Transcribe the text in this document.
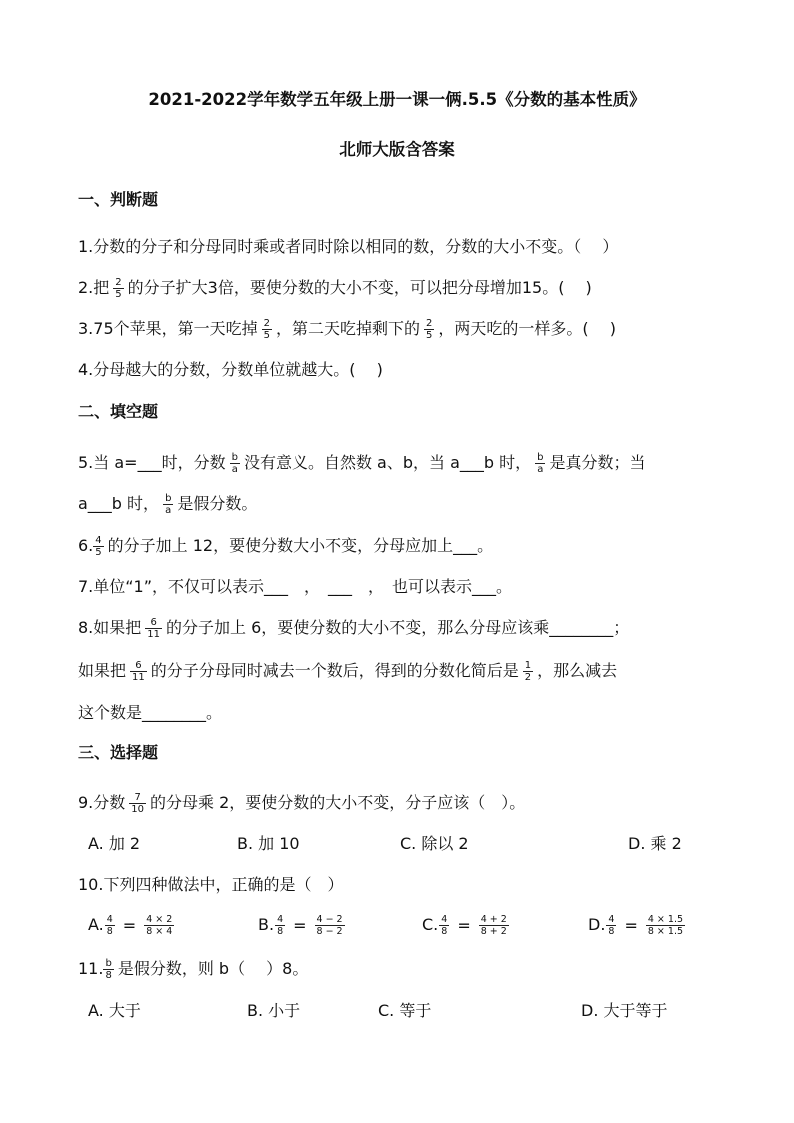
2021-2022学年数学五年级上册一课一俩.5.5《分数的基本性质》
北师大版含答案
一、判断题
1.分数的分子和分母同时乘或者同时除以相同的数，分数的大小不变。（　 ）
2.把 $\frac{2}{5}$ 的分子扩大3倍，要使分数的大小不变，可以把分母增加15。(　 )
3.75个苹果，第一天吃掉 $\frac{2}{5}$ ，第二天吃掉剩下的 $\frac{2}{5}$ ，两天吃的一样多。(　 )
4.分母越大的分数，分数单位就越大。(　 )
二、填空题
5.当 a=___时，分数 $\frac{b}{a}$ 没有意义。自然数 a、b，当 a___b 时， $\frac{b}{a}$ 是真分数；当
a___b 时， $\frac{b}{a}$ 是假分数。
6. $\frac{4}{5}$ 的分子加上 12，要使分数大小不变，分母应加上___。
7.单位“1”，不仅可以表示___　，　___　，　也可以表示___。
8.如果把 $\frac{6}{11}$ 的分子加上 6，要使分数的大小不变，那么分母应该乘________；
如果把 $\frac{6}{11}$ 的分子分母同时减去一个数后，得到的分数化简后是 $\frac{1}{2}$ ，那么减去
这个数是________。
三、选择题
9.分数 $\frac{7}{10}$ 的分母乘 2，要使分数的大小不变，分子应该（　）。
A. 加 2	B. 加 10	C. 除以 2	D. 乘 2
10.下列四种做法中，正确的是（　）
A. $\frac{4}{8} = \frac{4 \times 2}{8 \times 4}$	B. $\frac{4}{8} = \frac{4 - 2}{8 - 2}$	C. $\frac{4}{8} = \frac{4 + 2}{8 + 2}$	D. $\frac{4}{8} = \frac{4 \times 1.5}{8 \times 1.5}$
11. $\frac{b}{8}$ 是假分数，则 b（　 ）8。
A. 大于	B. 小于	C. 等于	D. 大于等于
